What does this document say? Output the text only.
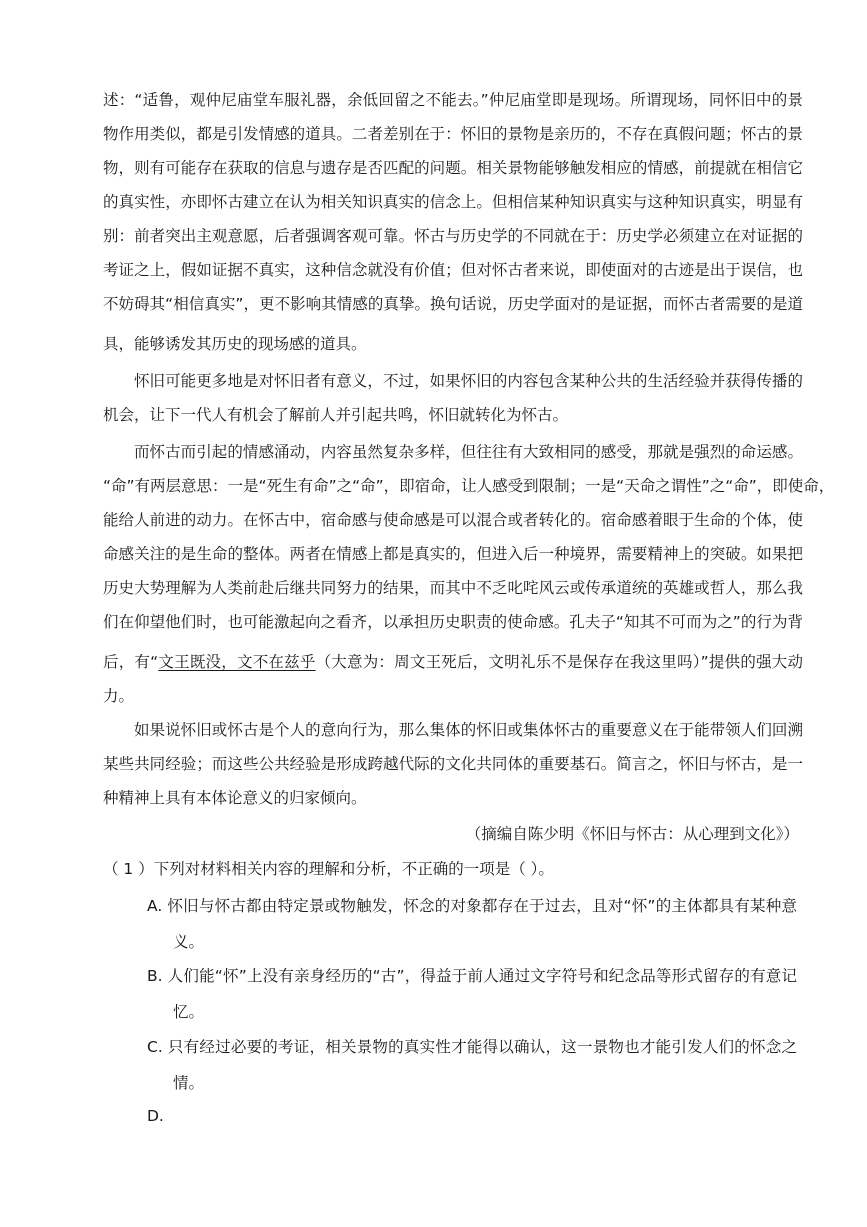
述：“适鲁，观仲尼庙堂车服礼器，余低回留之不能去。”仲尼庙堂即是现场。所谓现场，同怀旧中的景
物作用类似，都是引发情感的道具。二者差别在于：怀旧的景物是亲历的，不存在真假问题；怀古的景
物，则有可能存在获取的信息与遗存是否匹配的问题。相关景物能够触发相应的情感，前提就在相信它
的真实性，亦即怀古建立在认为相关知识真实的信念上。但相信某种知识真实与这种知识真实，明显有
别：前者突出主观意愿，后者强调客观可靠。怀古与历史学的不同就在于：历史学必须建立在对证据的
考证之上，假如证据不真实，这种信念就没有价值；但对怀古者来说，即使面对的古迹是出于误信，也
不妨碍其“相信真实”，更不影响其情感的真挚。换句话说，历史学面对的是证据，而怀古者需要的是道
具，能够诱发其历史的现场感的道具。
怀旧可能更多地是对怀旧者有意义，不过，如果怀旧的内容包含某种公共的生活经验并获得传播的
机会，让下一代人有机会了解前人并引起共鸣，怀旧就转化为怀古。
而怀古而引起的情感涌动，内容虽然复杂多样，但往往有大致相同的感受，那就是强烈的命运感。
“命”有两层意思：一是“死生有命”之“命”，即宿命，让人感受到限制；一是“天命之谓性”之“命”，即使命，
能给人前进的动力。在怀古中，宿命感与使命感是可以混合或者转化的。宿命感着眼于生命的个体，使
命感关注的是生命的整体。两者在情感上都是真实的，但进入后一种境界，需要精神上的突破。如果把
历史大势理解为人类前赴后继共同努力的结果，而其中不乏叱咤风云或传承道统的英雄或哲人，那么我
们在仰望他们时，也可能激起向之看齐，以承担历史职责的使命感。孔夫子“知其不可而为之”的行为背
后，有“文王既没，文不在兹乎（大意为：周文王死后，文明礼乐不是保存在我这里吗）”提供的强大动
力。
如果说怀旧或怀古是个人的意向行为，那么集体的怀旧或集体怀古的重要意义在于能带领人们回溯
某些共同经验；而这些公共经验是形成跨越代际的文化共同体的重要基石。简言之，怀旧与怀古，是一
种精神上具有本体论意义的归家倾向。
（摘编自陈少明《怀旧与怀古：从心理到文化》）
（ 1 ）下列对材料相关内容的理解和分析，不正确的一项是（ ）。
A. 怀旧与怀古都由特定景或物触发，怀念的对象都存在于过去，且对“怀”的主体都具有某种意
义。
B. 人们能“怀”上没有亲身经历的“古”，得益于前人通过文字符号和纪念品等形式留存的有意记
忆。
C. 只有经过必要的考证，相关景物的真实性才能得以确认，这一景物也才能引发人们的怀念之
情。
D.
